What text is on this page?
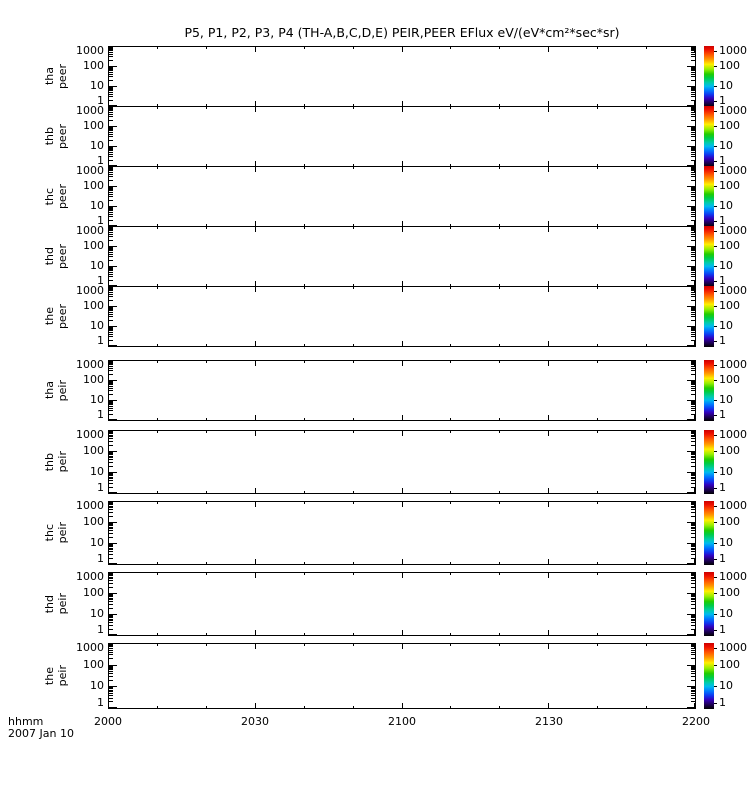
P5, P1, P2, P3, P4 (TH-A,B,C,D,E) PEIR,PEER EFlux eV/(eV*cm²*sec*sr)
1000	1000
100	100
10	10
1	1
tha peer
1000	1000
100	100
10	10
1	1
thb peer
1000	1000
100	100
10	10
1	1
thc peer
1000	1000
100	100
10	10
1	1
thd peer
1000	1000
100	100
10	10
1	1
the peer
1000	1000
100	100
10	10
1	1
tha peir
1000	1000
100	100
10	10
1	1
thb peir
1000	1000
100	100
10	10
1	1
thc peir
1000	1000
100	100
10	10
1	1
thd peir
1000	1000
100	100
10	10
1	1
the peir
2000	2030	2100	2130	2200
hhmm
2007 Jan 10
